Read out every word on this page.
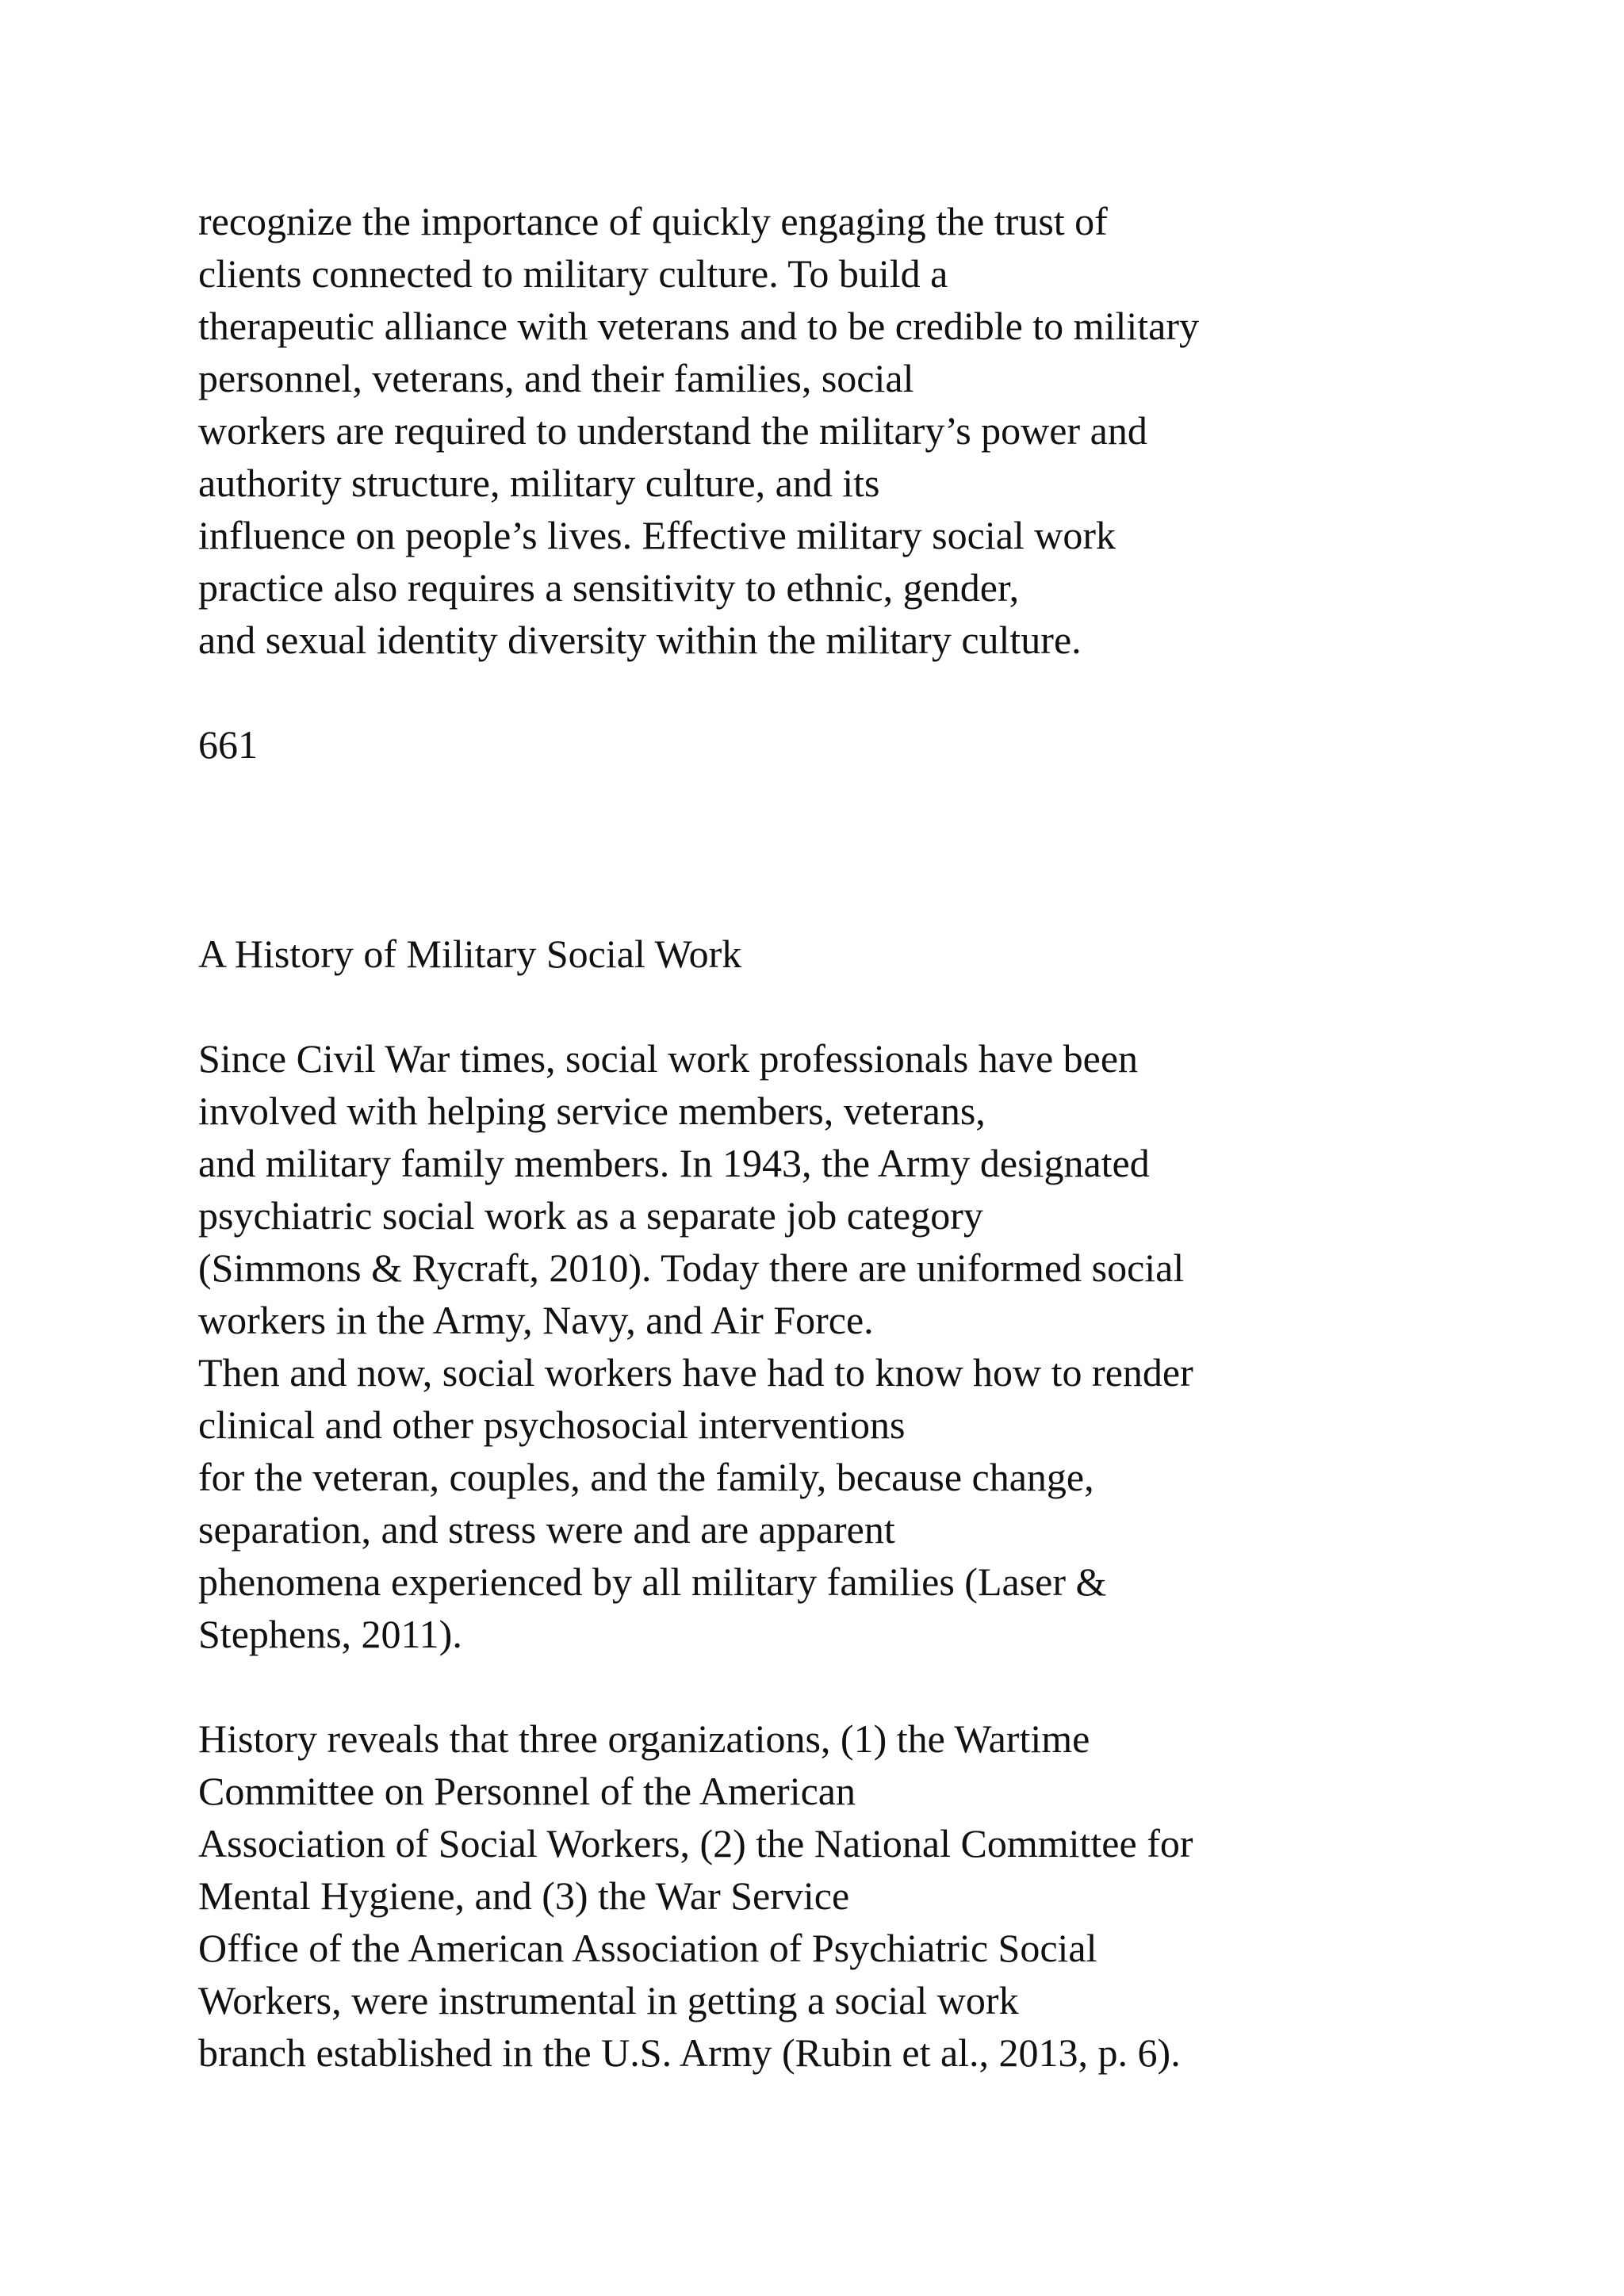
recognize the importance of quickly engaging the trust of
clients connected to military culture. To build a
therapeutic alliance with veterans and to be credible to military
personnel, veterans, and their families, social
workers are required to understand the military’s power and
authority structure, military culture, and its
influence on people’s lives. Effective military social work
practice also requires a sensitivity to ethnic, gender,
and sexual identity diversity within the military culture.
661
A History of Military Social Work
Since Civil War times, social work professionals have been
involved with helping service members, veterans,
and military family members. In 1943, the Army designated
psychiatric social work as a separate job category
(Simmons & Rycraft, 2010). Today there are uniformed social
workers in the Army, Navy, and Air Force.
Then and now, social workers have had to know how to render
clinical and other psychosocial interventions
for the veteran, couples, and the family, because change,
separation, and stress were and are apparent
phenomena experienced by all military families (Laser &
Stephens, 2011).
History reveals that three organizations, (1) the Wartime
Committee on Personnel of the American
Association of Social Workers, (2) the National Committee for
Mental Hygiene, and (3) the War Service
Office of the American Association of Psychiatric Social
Workers, were instrumental in getting a social work
branch established in the U.S. Army (Rubin et al., 2013, p. 6).
